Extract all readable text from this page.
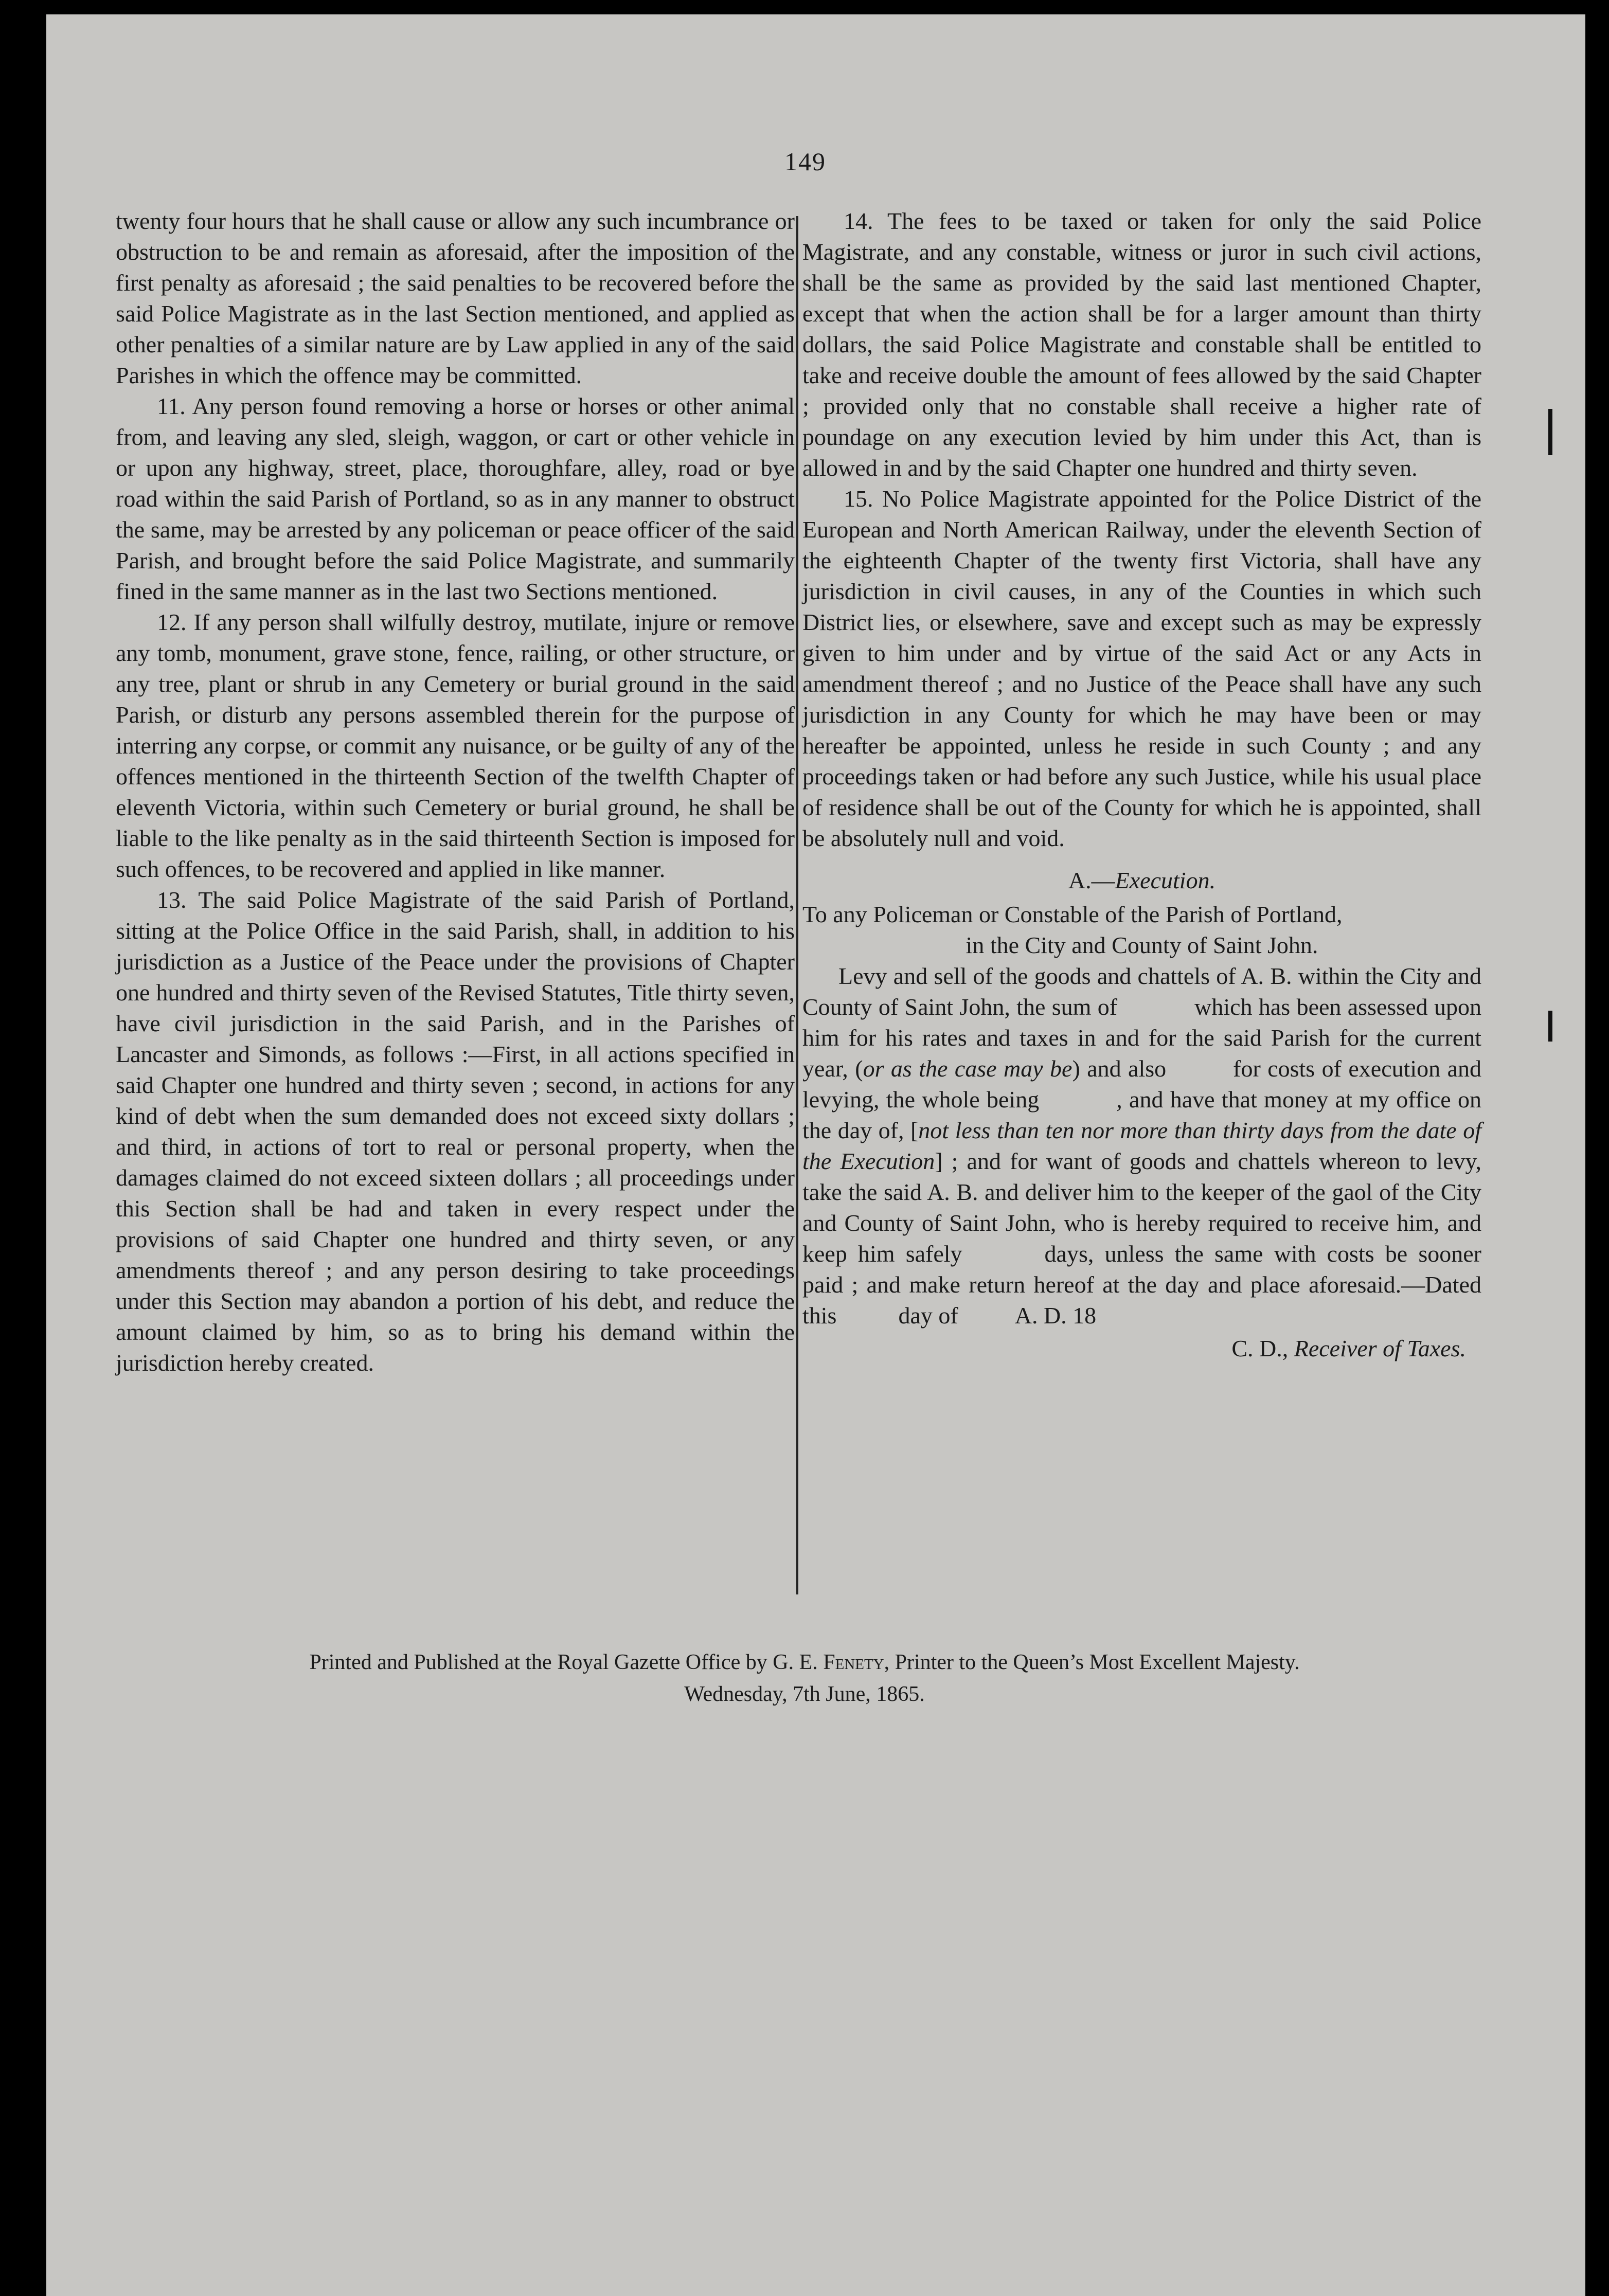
149

twenty four hours that he shall cause or allow any such incumbrance or obstruction to be and remain as aforesaid, after the imposition of the first penalty as aforesaid ; the said penalties to be recovered before the said Police Magistrate as in the last Section mentioned, and applied as other penalties of a similar nature are by Law applied in any of the said Parishes in which the offence may be committed.

11. Any person found removing a horse or horses or other animal from, and leaving any sled, sleigh, waggon, or cart or other vehicle in or upon any highway, street, place, thoroughfare, alley, road or bye road within the said Parish of Portland, so as in any manner to obstruct the same, may be arrested by any policeman or peace officer of the said Parish, and brought before the said Police Magistrate, and summarily fined in the same manner as in the last two Sections mentioned.

12. If any person shall wilfully destroy, mutilate, injure or remove any tomb, monument, grave stone, fence, railing, or other structure, or any tree, plant or shrub in any Cemetery or burial ground in the said Parish, or disturb any persons assembled therein for the purpose of interring any corpse, or commit any nuisance, or be guilty of any of the offences mentioned in the thirteenth Section of the twelfth Chapter of eleventh Victoria, within such Cemetery or burial ground, he shall be liable to the like penalty as in the said thirteenth Section is imposed for such offences, to be recovered and applied in like manner.

13. The said Police Magistrate of the said Parish of Portland, sitting at the Police Office in the said Parish, shall, in addition to his jurisdiction as a Justice of the Peace under the provisions of Chapter one hundred and thirty seven of the Revised Statutes, Title thirty seven, have civil jurisdiction in the said Parish, and in the Parishes of Lancaster and Simonds, as follows :—First, in all actions specified in said Chapter one hundred and thirty seven ; second, in actions for any kind of debt when the sum demanded does not exceed sixty dollars ; and third, in actions of tort to real or personal property, when the damages claimed do not exceed sixteen dollars ; all proceedings under this Section shall be had and taken in every respect under the provisions of said Chapter one hundred and thirty seven, or any amendments thereof ; and any person desiring to take proceedings under this Section may abandon a portion of his debt, and reduce the amount claimed by him, so as to bring his demand within the jurisdiction hereby created.

14. The fees to be taxed or taken for only the said Police Magistrate, and any constable, witness or juror in such civil actions, shall be the same as provided by the said last mentioned Chapter, except that when the action shall be for a larger amount than thirty dollars, the said Police Magistrate and constable shall be entitled to take and receive double the amount of fees allowed by the said Chapter ; provided only that no constable shall receive a higher rate of poundage on any execution levied by him under this Act, than is allowed in and by the said Chapter one hundred and thirty seven.

15. No Police Magistrate appointed for the Police District of the European and North American Railway, under the eleventh Section of the eighteenth Chapter of the twenty first Victoria, shall have any jurisdiction in civil causes, in any of the Counties in which such District lies, or elsewhere, save and except such as may be expressly given to him under and by virtue of the said Act or any Acts in amendment thereof ; and no Justice of the Peace shall have any such jurisdiction in any County for which he may have been or may hereafter be appointed, unless he reside in such County ; and any proceedings taken or had before any such Justice, while his usual place of residence shall be out of the County for which he is appointed, shall be absolutely null and void.

A.—Execution.

To any Policeman or Constable of the Parish of Portland,

in the City and County of Saint John.

Levy and sell of the goods and chattels of A. B. within the City and County of Saint John, the sum of	which has been assessed upon him for his rates and taxes in and for the said Parish for the current year, (or as the case may be) and also	for costs of execution and levying, the whole being	, and have that money at my office on the day of, [not less than ten nor more than thirty days from the date of the Execution] ; and for want of goods and chattels whereon to levy, take the said A. B. and deliver him to the keeper of the gaol of the City and County of Saint John, who is hereby required to receive him, and keep him safely	days, unless the same with costs be sooner paid ; and make return hereof at the day and place aforesaid.—Dated this	day of A. D. 18

C. D., Receiver of Taxes.

Printed and Published at the Royal Gazette Office by G. E. Fenety, Printer to the Queen’s Most Excellent Majesty.
Wednesday, 7th June, 1865.
